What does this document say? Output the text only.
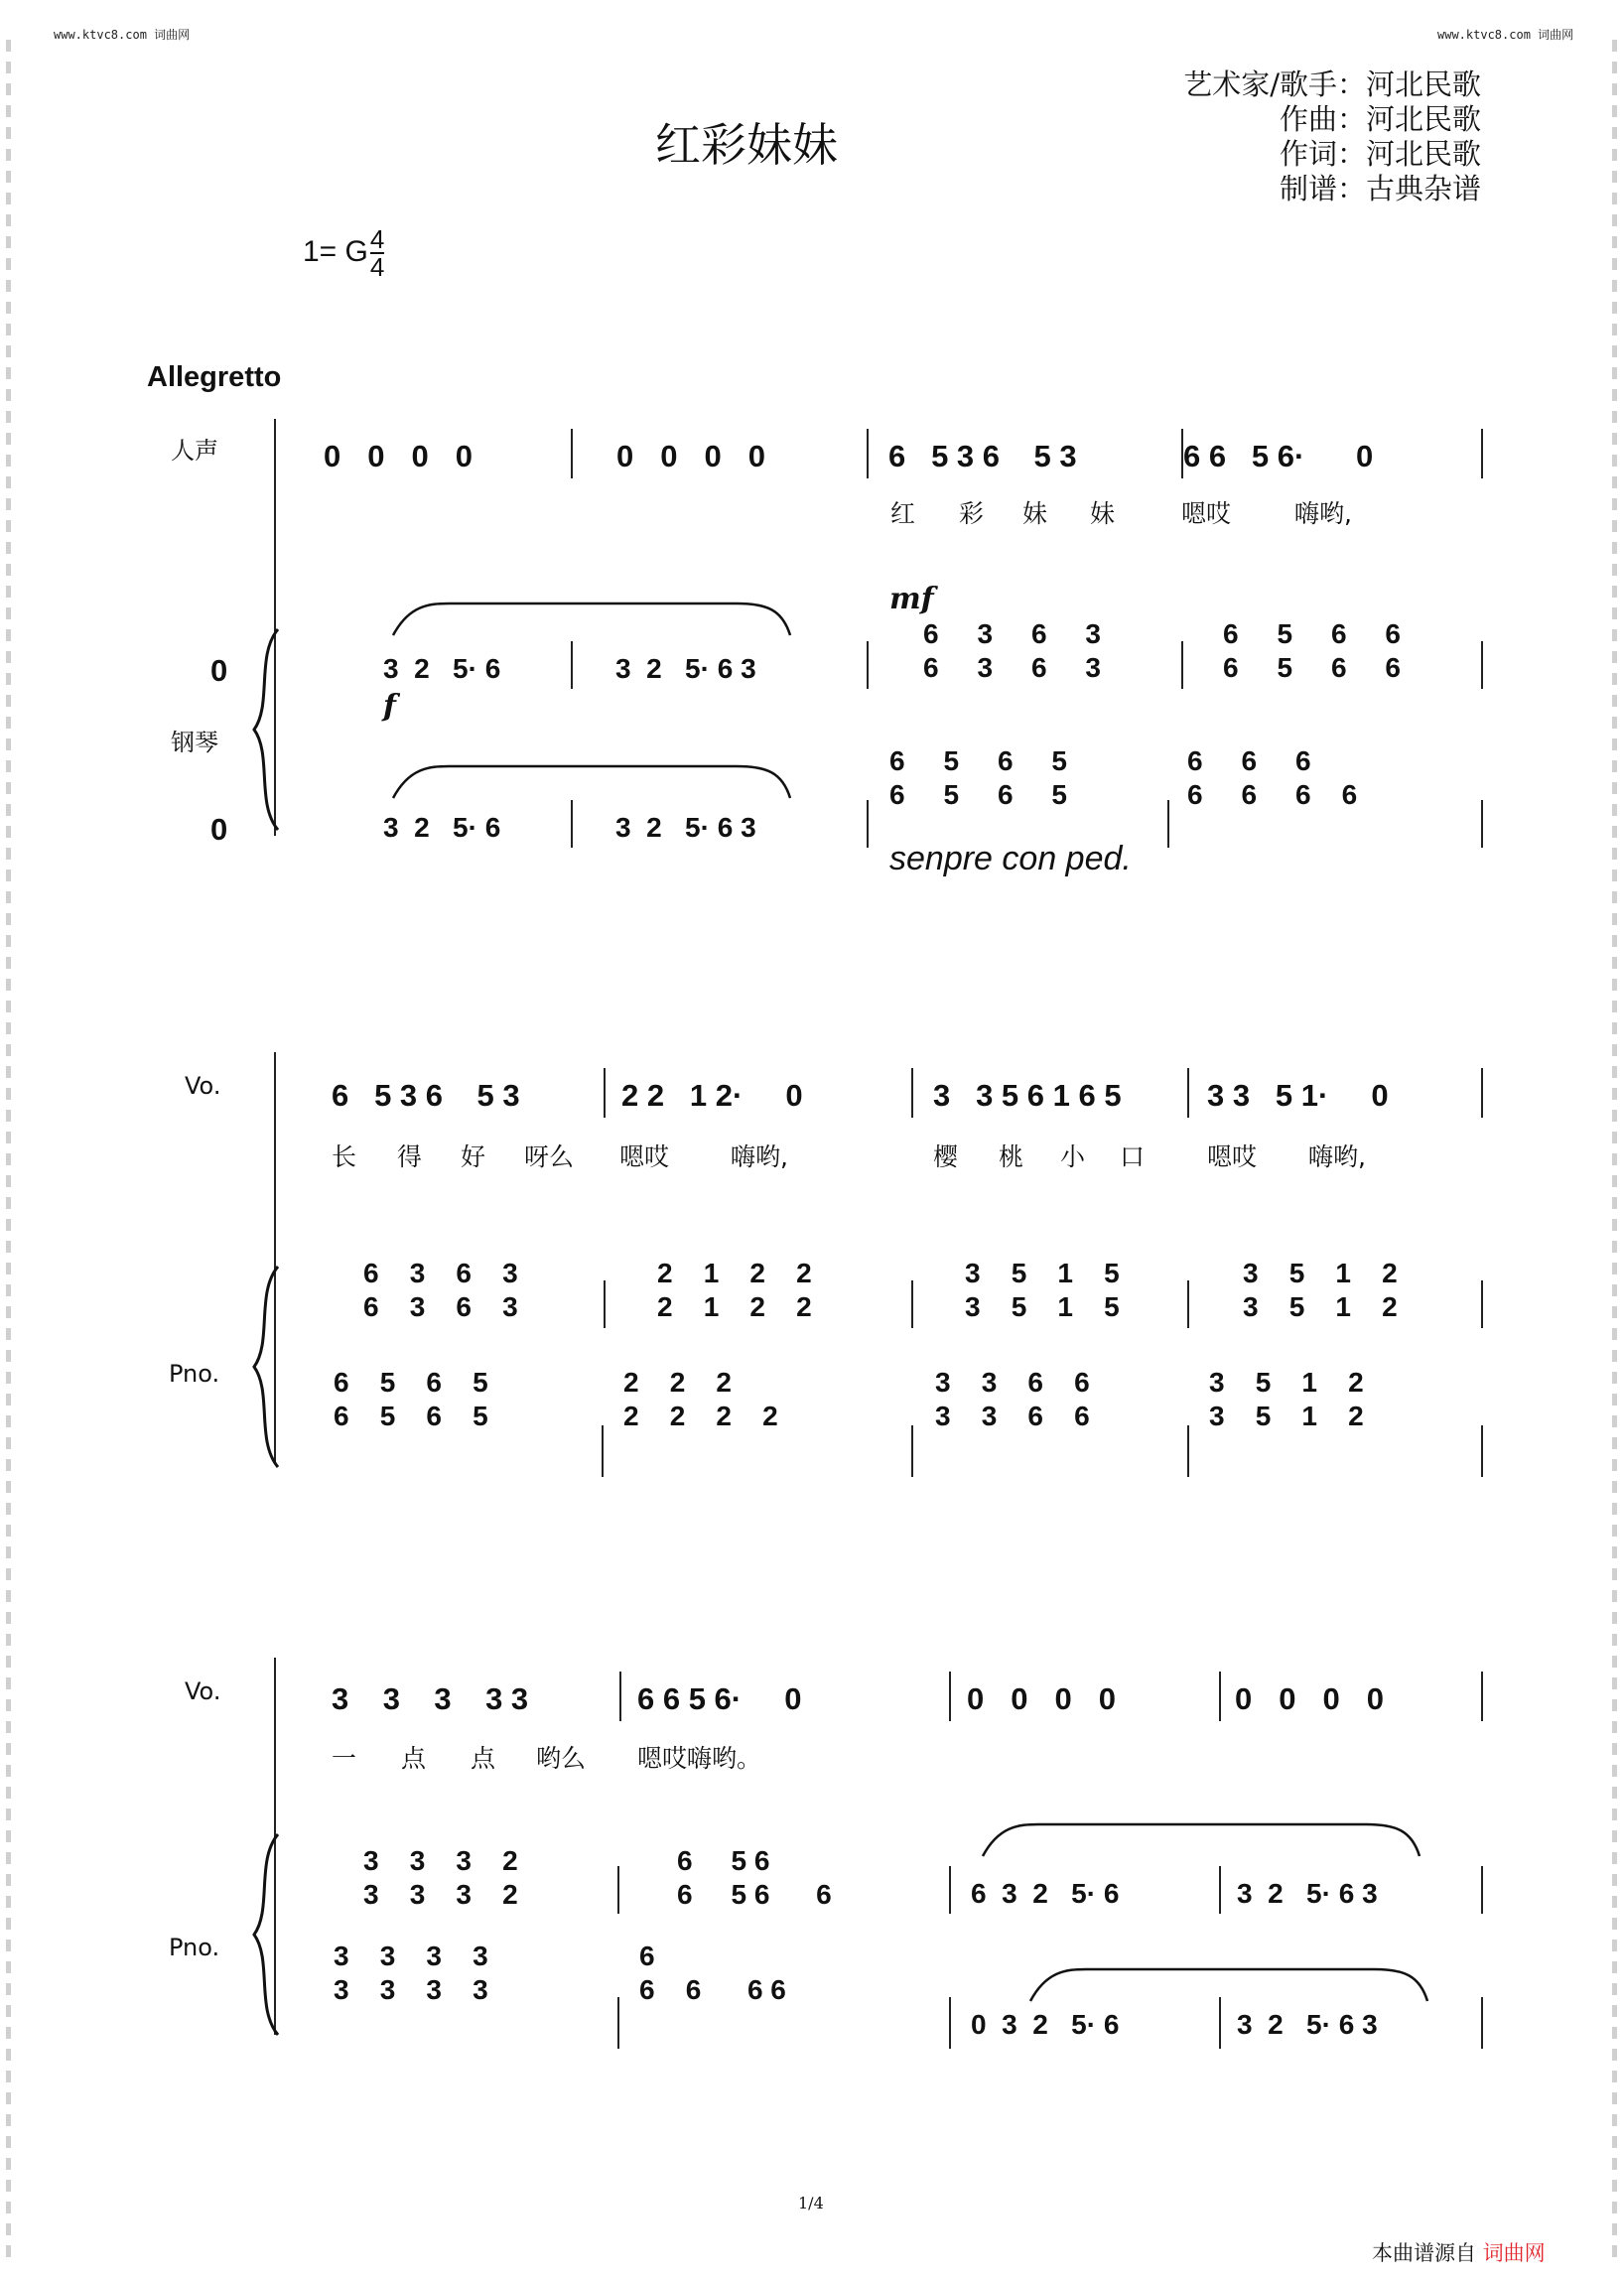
www.ktvc8.com 词曲网	www.ktvc8.com 词曲网
红彩妹妹
艺术家/歌手：河北民歌
作曲：河北民歌
作词：河北民歌
制谱：古典杂谱
1= G $\frac{4}{4}$
Allegretto
人声
钢琴
0
0
0000	0000	6   5 3 6    5 3	6 6   5 6·      0
红 彩 妹 妹	嗯哎	嗨哟,
mf
3  2   5· 6	3  2   5· 6 3
6     3     6     3
6     3     6     3
6     5     6     6
6     5     6     6
f
3  2   5· 6	3  2   5· 6 3
6     5     6     5
6     5     6     5
6     6     6
6     6     6    6
senpre con ped.
Vo.
Pno.
6   5 3 6    5 3	2 2   1 2·     0	3   3 5 6 1 6 5	3 3   5 1·     0
长 得 好 呀么 嗯哎 嗨哟,	樱 桃 小 口	嗯哎 嗨哟,
6    3    6    3
6    3    6    3
2    1    2    2
2    1    2    2
3    5    1    5
3    5    1    5
3    5    1    2
3    5    1    2
6    5    6    5
6    5    6    5
2    2    2
2    2    2    2
3    3    6    6
3    3    6    6
3    5    1    2
3    5    1    2
Vo.
Pno.
3    3    3    3 3	6 6 5 6·     0	0000	0000
一 点 点 哟么 嗯哎嗨哟。
3    3    3    2
3    3    3    2
6     5 6
6     5 6      6	6  3  2   5· 6	3  2   5· 6 3
3    3    3    3
3    3    3    3
6
6    6      6 6
0  3  2   5· 6	3  2   5· 6 3
1/4
本曲谱源自 词曲网
